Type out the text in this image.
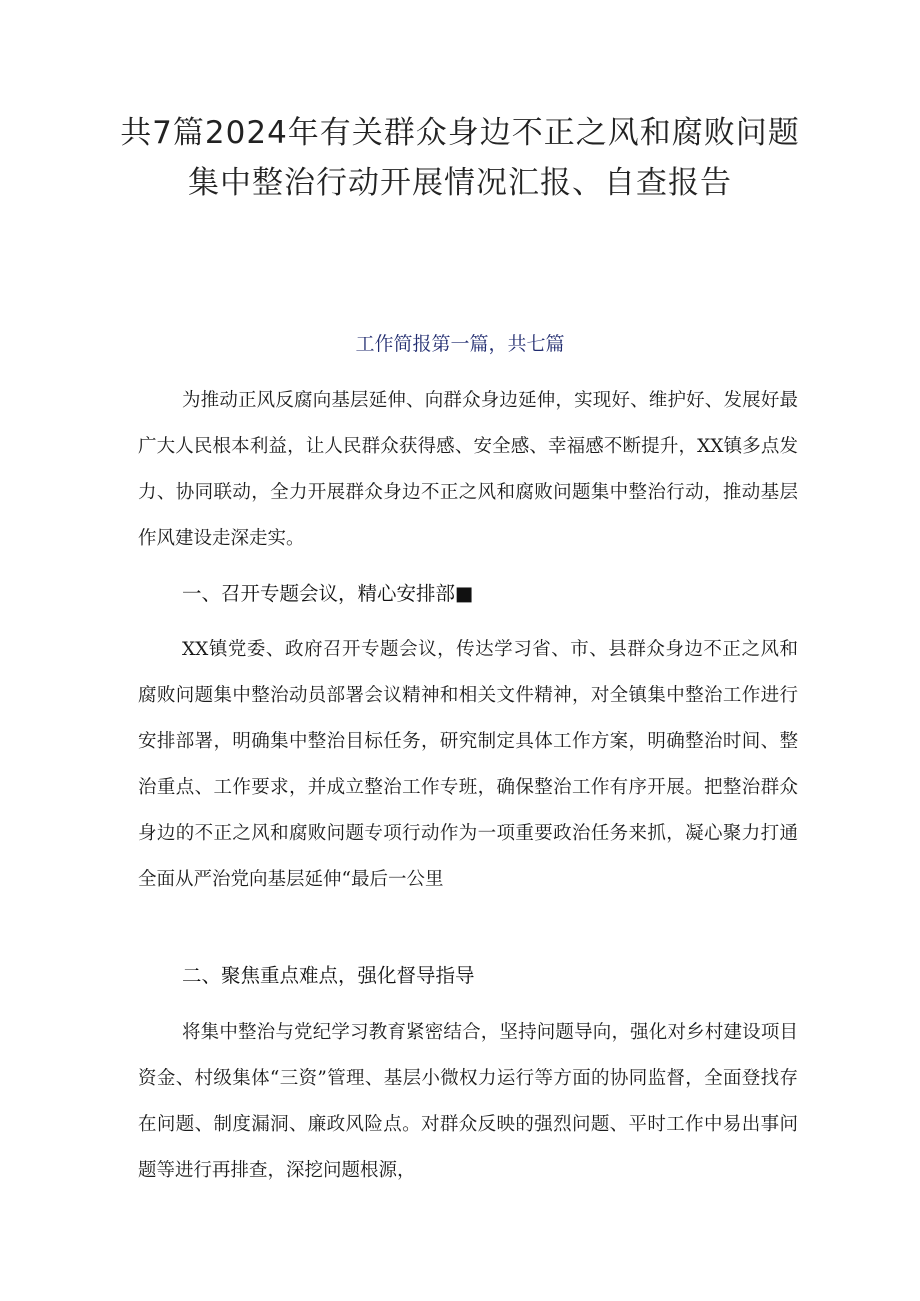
共7篇2024年有关群众身边不正之风和腐败问题集中整治行动开展情况汇报、自查报告
工作简报第一篇，共七篇

为推动正风反腐向基层延伸、向群众身边延伸，实现好、维护好、发展好最广大人民根本利益，让人民群众获得感、安全感、幸福感不断提升，XX镇多点发力、协同联动，全力开展群众身边不正之风和腐败问题集中整治行动，推动基层作风建设走深走实。

一、召开专题会议，精心安排部■

XX镇党委、政府召开专题会议，传达学习省、市、县群众身边不正之风和腐败问题集中整治动员部署会议精神和相关文件精神，对全镇集中整治工作进行安排部署，明确集中整治目标任务，研究制定具体工作方案，明确整治时间、整治重点、工作要求，并成立整治工作专班，确保整治工作有序开展。把整治群众身边的不正之风和腐败问题专项行动作为一项重要政治任务来抓，凝心聚力打通全面从严治党向基层延伸“最后一公里

二、聚焦重点难点，强化督导指导

将集中整治与党纪学习教育紧密结合，坚持问题导向，强化对乡村建设项目资金、村级集体“三资”管理、基层小微权力运行等方面的协同监督，全面登找存在问题、制度漏洞、廉政风险点。对群众反映的强烈问题、平时工作中易出事问题等进行再排查，深挖问题根源，
